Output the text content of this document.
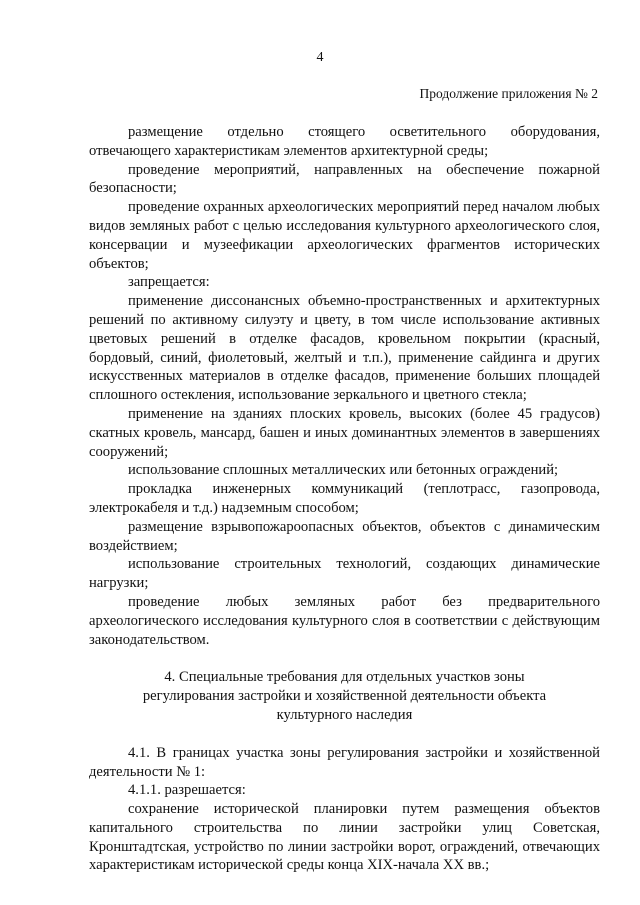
4
Продолжение приложения № 2

размещение отдельно стоящего осветительного оборудования, отвечающего характеристикам элементов архитектурной среды;

проведение мероприятий, направленных на обеспечение пожарной безопасности;

проведение охранных археологических мероприятий перед началом любых видов земляных работ с целью исследования культурного археологического слоя, консервации и музеефикации археологических фрагментов исторических объектов;

запрещается:

применение диссонансных объемно-пространственных и архитектурных решений по активному силуэту и цвету, в том числе использование активных цветовых решений в отделке фасадов, кровельном покрытии (красный, бордовый, синий, фиолетовый, желтый и т.п.), применение сайдинга и других искусственных материалов в отделке фасадов, применение больших площадей сплошного остекления, использование зеркального и цветного стекла;

применение на зданиях плоских кровель, высоких (более 45 градусов) скатных кровель, мансард, башен и иных доминантных элементов в завершениях сооружений;

использование сплошных металлических или бетонных ограждений;

прокладка инженерных коммуникаций (теплотрасс, газопровода, электрокабеля и т.д.) надземным способом;

размещение взрывопожароопасных объектов, объектов с динамическим воздействием;

использование строительных технологий, создающих динамические нагрузки;

проведение любых земляных работ без предварительного археологического исследования культурного слоя в соответствии с действующим законодательством.

4. Специальные требования для отдельных участков зоны регулирования застройки и хозяйственной деятельности объекта культурного наследия

4.1. В границах участка зоны регулирования застройки и хозяйственной деятельности № 1:

4.1.1. разрешается:

сохранение исторической планировки путем размещения объектов капитального строительства по линии застройки улиц Советская, Кронштадтская, устройство по линии застройки ворот, ограждений, отвечающих характеристикам исторической среды конца XIX-начала XX вв.;
